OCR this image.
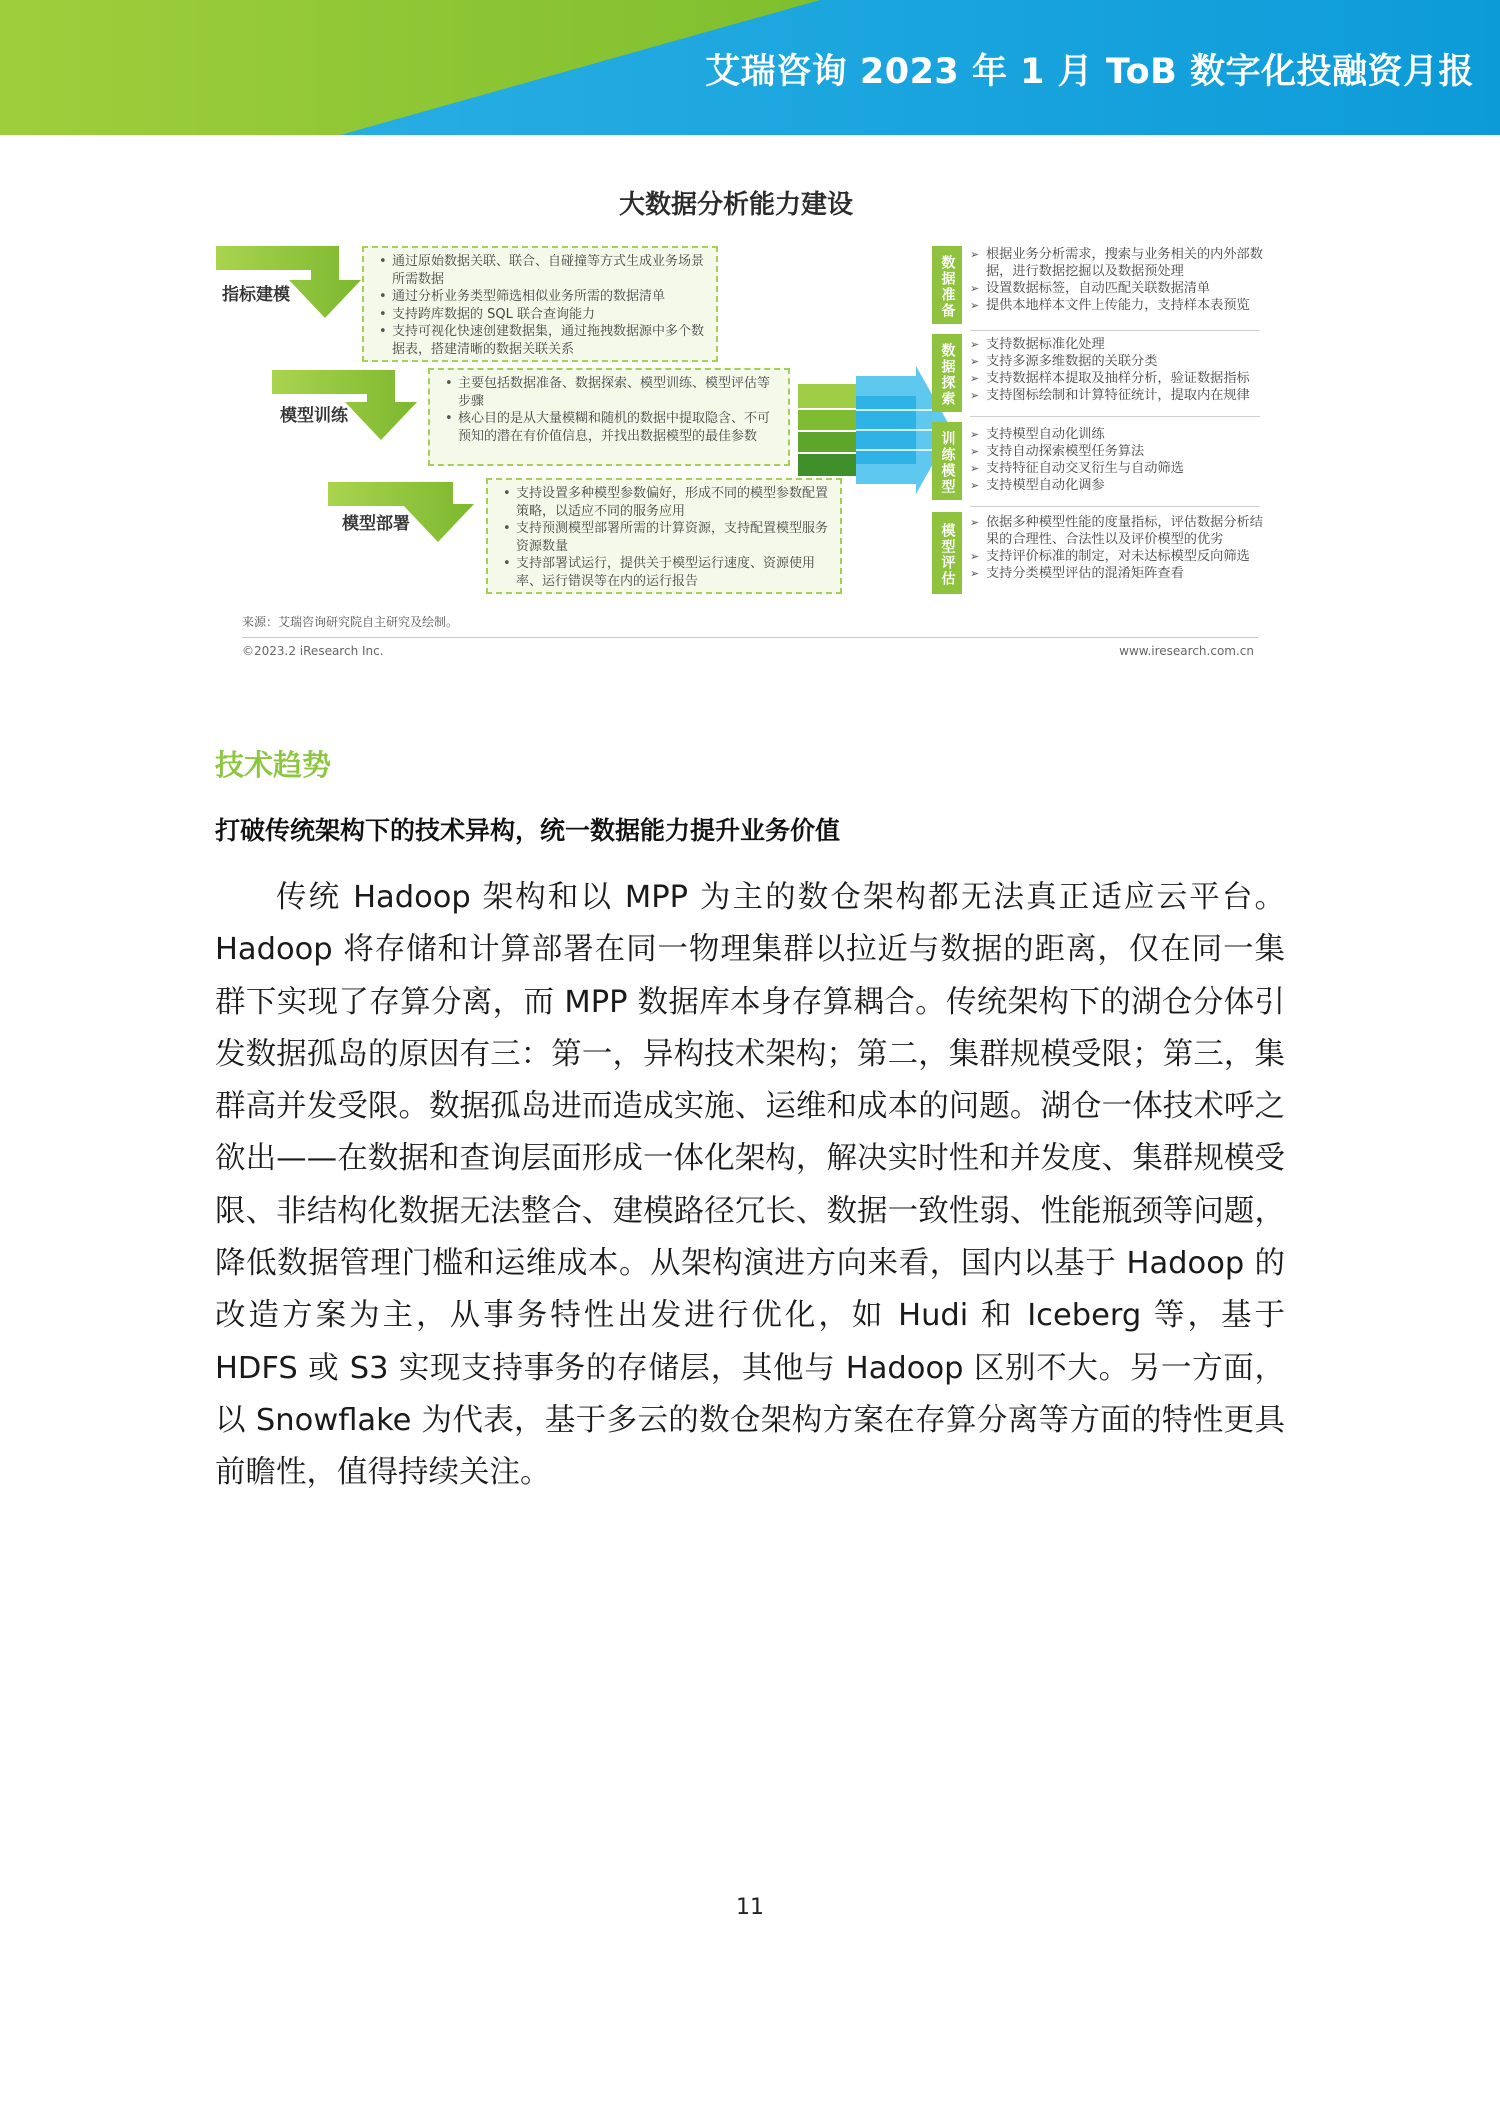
艾瑞咨询 2023 年 1 月 ToB 数字化投融资月报
大数据分析能力建设
指标建模
模型训练
模型部署
• 通过原始数据关联、联合、自碰撞等方式生成业务场景所需数据
• 通过分析业务类型筛选相似业务所需的数据清单
• 支持跨库数据的 SQL 联合查询能力
• 支持可视化快速创建数据集，通过拖拽数据源中多个数据表，搭建清晰的数据关联关系
• 主要包括数据准备、数据探索、模型训练、模型评估等步骤
• 核心目的是从大量模糊和随机的数据中提取隐含、不可预知的潜在有价值信息，并找出数据模型的最佳参数
• 支持设置多种模型参数偏好，形成不同的模型参数配置策略，以适应不同的服务应用
• 支持预测模型部署所需的计算资源，支持配置模型服务资源数量
• 支持部署试运行，提供关于模型运行速度、资源使用率、运行错误等在内的运行报告
数据准备	➢ 根据业务分析需求，搜索与业务相关的内外部数据，进行数据挖掘以及数据预处理
➢ 设置数据标签，自动匹配关联数据清单
➢ 提供本地样本文件上传能力，支持样本表预览
数据探索	➢ 支持数据标准化处理
➢ 支持多源多维数据的关联分类
➢ 支持数据样本提取及抽样分析，验证数据指标
➢ 支持图标绘制和计算特征统计，提取内在规律
训练模型	➢ 支持模型自动化训练
➢ 支持自动探索模型任务算法
➢ 支持特征自动交叉衍生与自动筛选
➢ 支持模型自动化调参
模型评估	➢ 依据多种模型性能的度量指标，评估数据分析结果的合理性、合法性以及评价模型的优劣
➢ 支持评价标准的制定，对未达标模型反向筛选
➢ 支持分类模型评估的混淆矩阵查看
来源：艾瑞咨询研究院自主研究及绘制。
©2023.2 iResearch Inc.	www.iresearch.com.cn
技术趋势
打破传统架构下的技术异构，统一数据能力提升业务价值

传统 Hadoop 架构和以 MPP 为主的数仓架构都无法真正适应云平台。Hadoop 将存储和计算部署在同一物理集群以拉近与数据的距离，仅在同一集群下实现了存算分离，而 MPP 数据库本身存算耦合。传统架构下的湖仓分体引发数据孤岛的原因有三：第一，异构技术架构；第二，集群规模受限；第三，集群高并发受限。数据孤岛进而造成实施、运维和成本的问题。湖仓一体技术呼之欲出——在数据和查询层面形成一体化架构，解决实时性和并发度、集群规模受限、非结构化数据无法整合、建模路径冗长、数据一致性弱、性能瓶颈等问题，降低数据管理门槛和运维成本。从架构演进方向来看，国内以基于 Hadoop 的改造方案为主，从事务特性出发进行优化，如 Hudi 和 Iceberg 等，基于 HDFS 或 S3 实现支持事务的存储层，其他与 Hadoop 区别不大。另一方面，以 Snowflake 为代表，基于多云的数仓架构方案在存算分离等方面的特性更具前瞻性，值得持续关注。

11
